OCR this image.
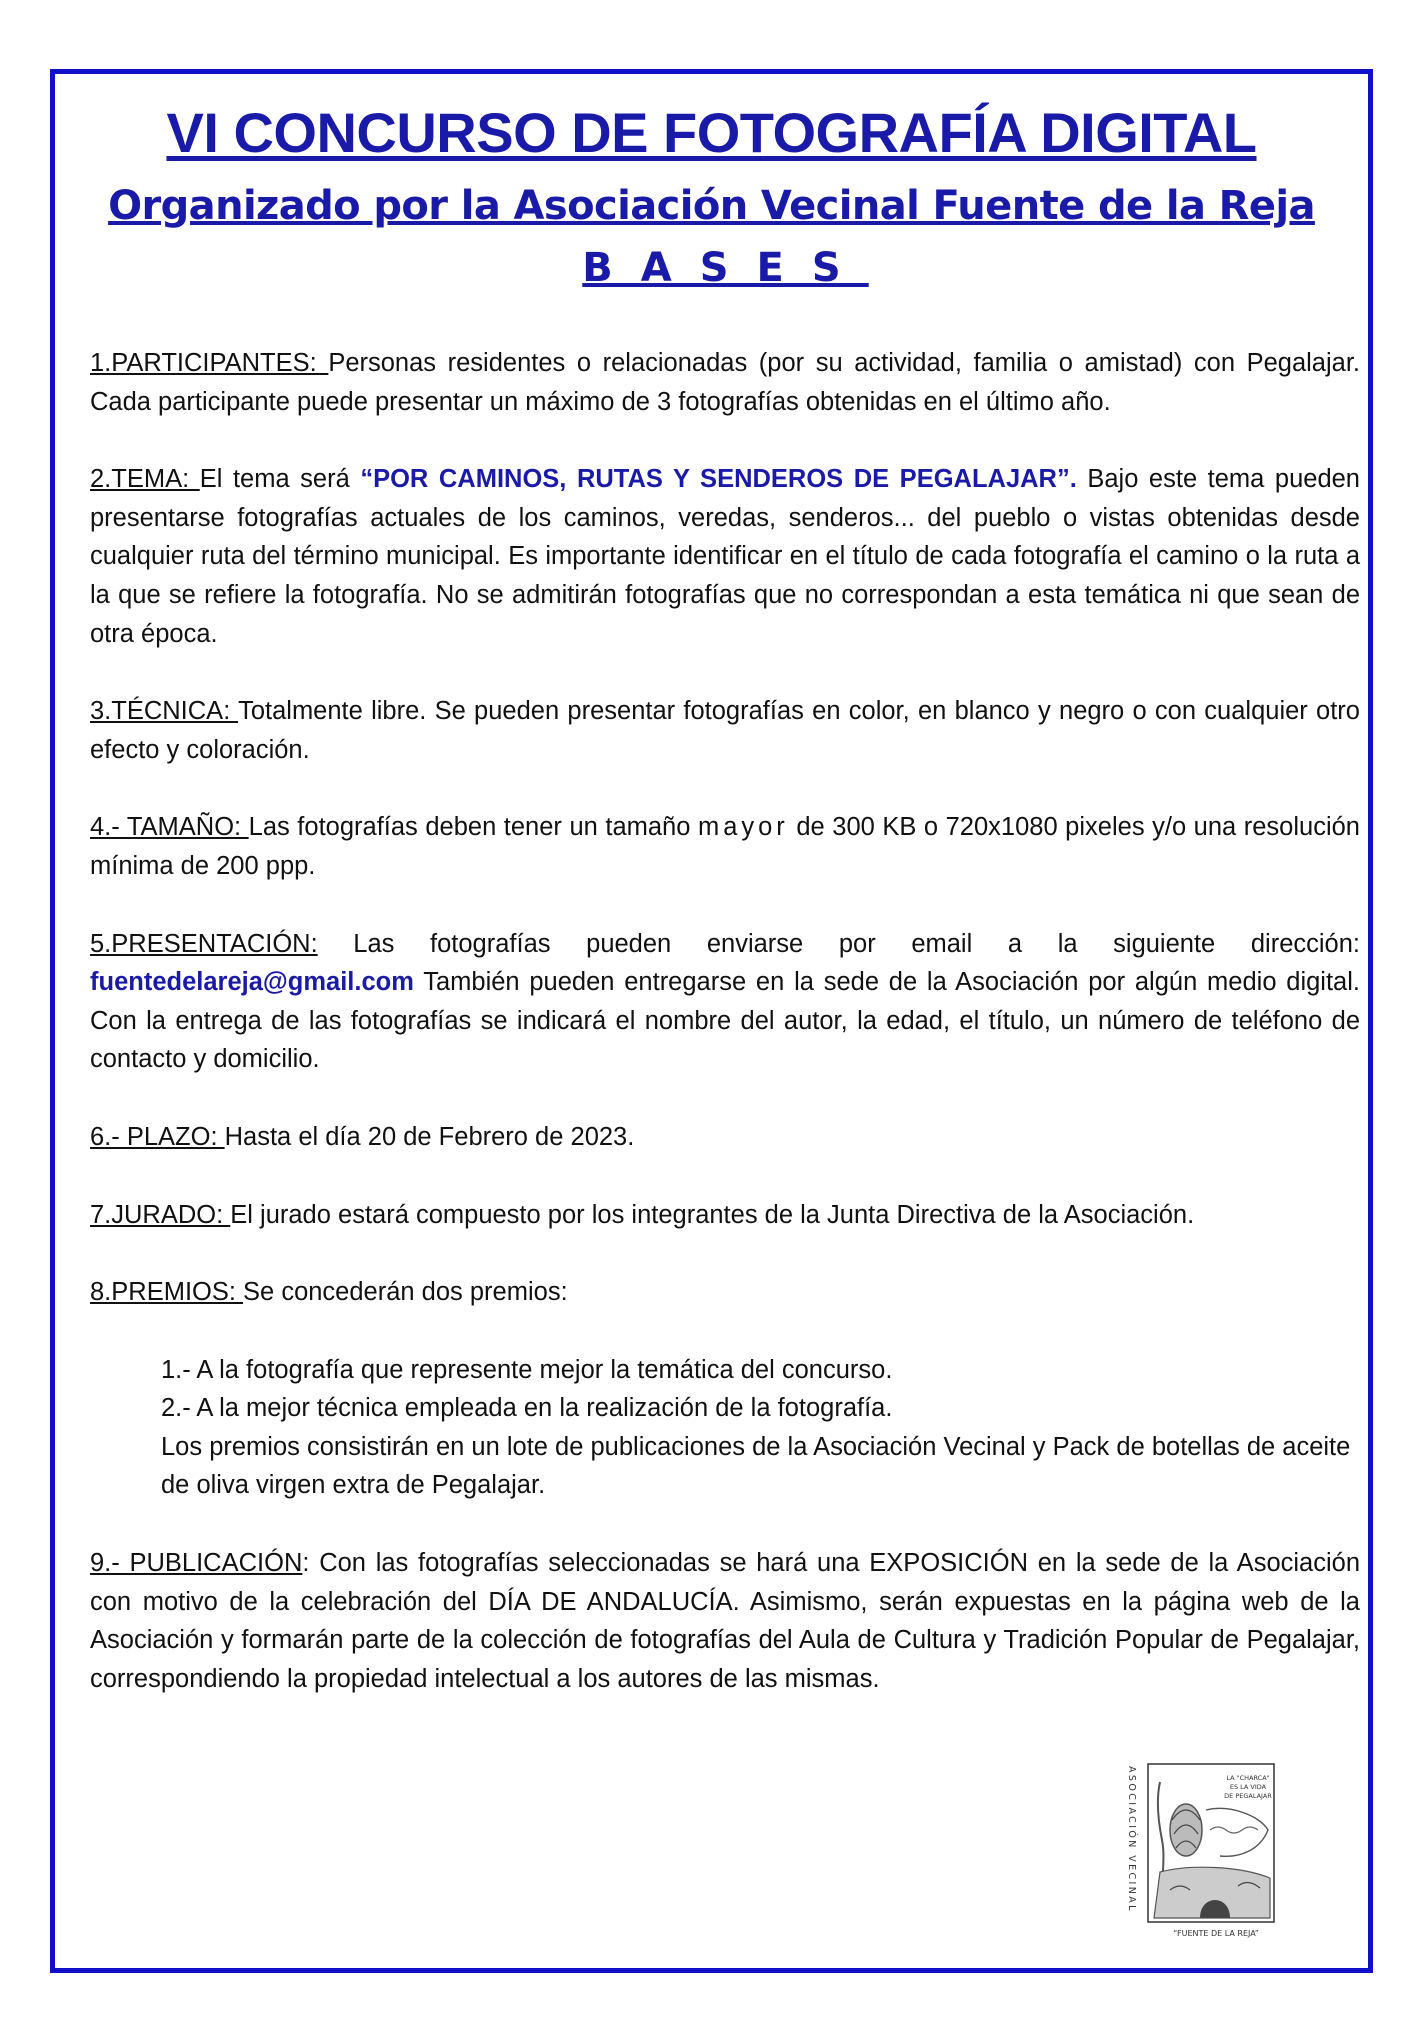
VI CONCURSO DE FOTOGRAFÍA DIGITAL
Organizado por la Asociación Vecinal Fuente de la Reja
BASES

1.PARTICIPANTES: Personas residentes o relacionadas (por su actividad, familia o amistad) con Pegalajar. Cada participante puede presentar un máximo de 3 fotografías obtenidas en el último año.

2.TEMA: El tema será “POR CAMINOS, RUTAS Y SENDEROS DE PEGALAJAR”. Bajo este tema pueden presentarse fotografías actuales de los caminos, veredas, senderos... del pueblo o vistas obtenidas desde cualquier ruta del término municipal. Es importante identificar en el título de cada fotografía el camino o la ruta a la que se refiere la fotografía. No se admitirán fotografías que no correspondan a esta temática ni que sean de otra época.

3.TÉCNICA: Totalmente libre. Se pueden presentar fotografías en color, en blanco y negro o con cualquier otro efecto y coloración.

4.- TAMAÑO: Las fotografías deben tener un tamaño mayor de 300 KB o 720x1080 pixeles y/o una resolución mínima de 200 ppp.

5.PRESENTACIÓN: Las fotografías pueden enviarse por email a la siguiente dirección: fuentedelareja@gmail.com También pueden entregarse en la sede de la Asociación por algún medio digital. Con la entrega de las fotografías se indicará el nombre del autor, la edad, el título, un número de teléfono de contacto y domicilio.

6.- PLAZO: Hasta el día 20 de Febrero de 2023.

7.JURADO: El jurado estará compuesto por los integrantes de la Junta Directiva de la Asociación.

8.PREMIOS: Se concederán dos premios:

1.- A la fotografía que represente mejor la temática del concurso.

2.- A la mejor técnica empleada en la realización de la fotografía.

Los premios consistirán en un lote de publicaciones de la Asociación Vecinal y Pack de botellas de aceite de oliva virgen extra de Pegalajar.

9.- PUBLICACIÓN: Con las fotografías seleccionadas se hará una EXPOSICIÓN en la sede de la Asociación con motivo de la celebración del DÍA DE ANDALUCÍA. Asimismo, serán expuestas en la página web de la Asociación y formarán parte de la colección de fotografías del Aula de Cultura y Tradición Popular de Pegalajar, correspondiendo la propiedad intelectual a los autores de las mismas.

ASOCIACIÓN VECINAL	LA "CHARCA" ES LA VIDA DE PEGALAJAR
“FUENTE DE LA REJA”
